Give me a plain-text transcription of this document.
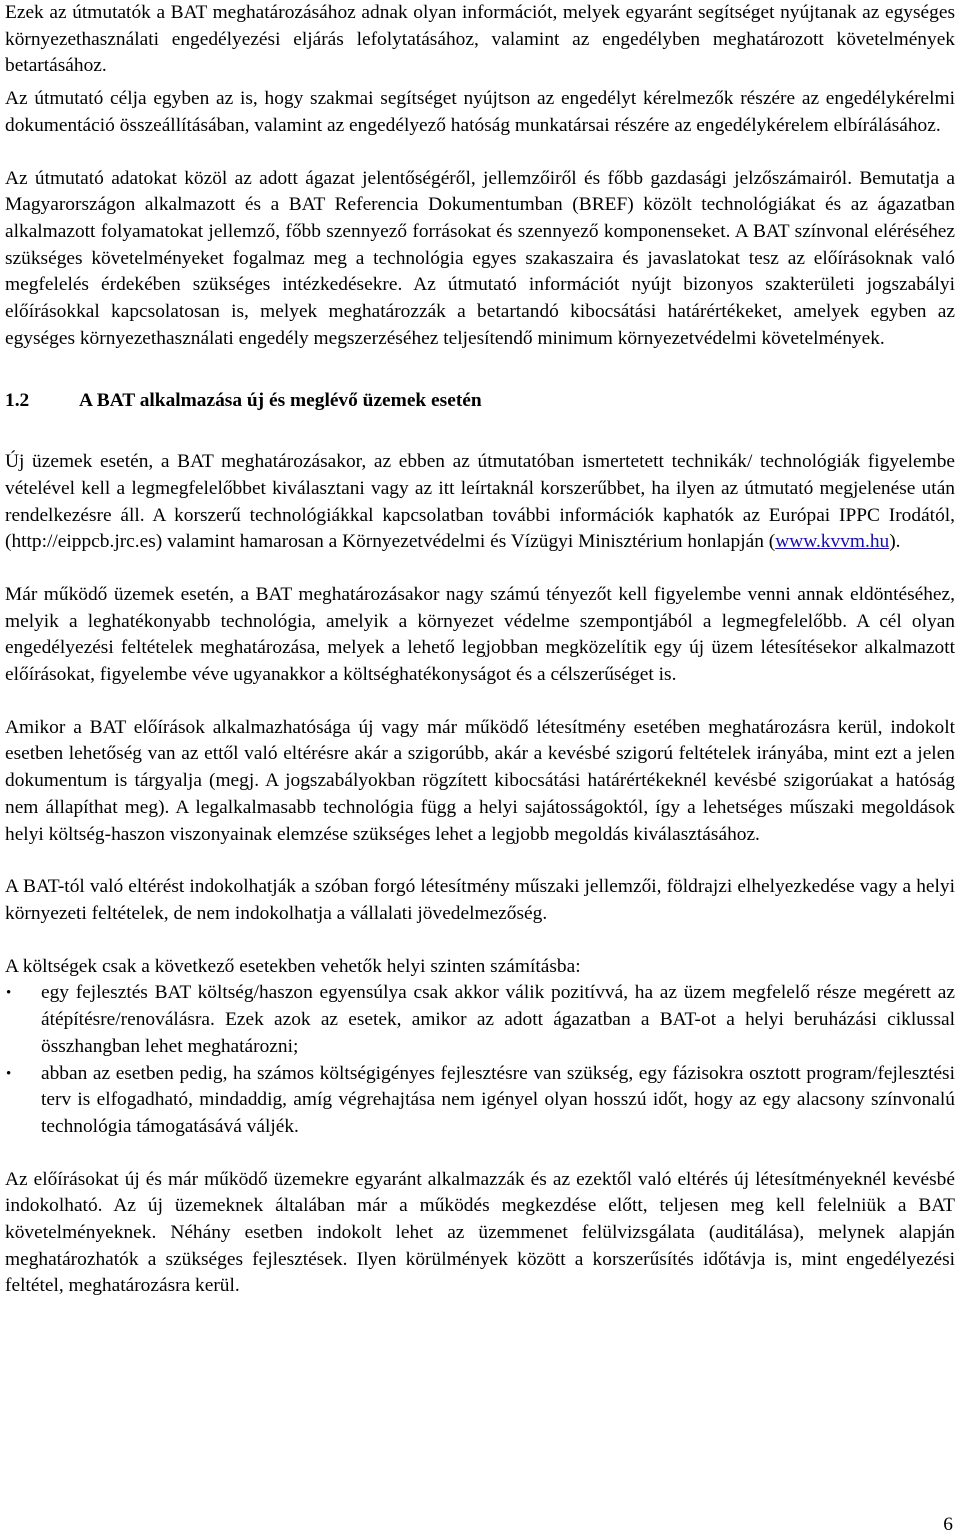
Ezek az útmutatók a BAT meghatározásához adnak olyan információt, melyek egyaránt segítséget nyújtanak az egységes környezethasználati engedélyezési eljárás lefolytatásához, valamint az engedélyben meghatározott követelmények betartásához.

Az útmutató célja egyben az is, hogy szakmai segítséget nyújtson az engedélyt kérelmezők részére az engedélykérelmi dokumentáció összeállításában, valamint az engedélyező hatóság munkatársai részére az engedélykérelem elbírálásához.

Az útmutató adatokat közöl az adott ágazat jelentőségéről, jellemzőiről és főbb gazdasági jelzőszámairól. Bemutatja a Magyarországon alkalmazott és a BAT Referencia Dokumentumban (BREF) közölt technológiákat és az ágazatban alkalmazott folyamatokat jellemző, főbb szennyező forrásokat és szennyező komponenseket. A BAT színvonal eléréséhez szükséges követelményeket fogalmaz meg a technológia egyes szakaszaira és javaslatokat tesz az előírásoknak való megfelelés érdekében szükséges intézkedésekre. Az útmutató információt nyújt bizonyos szakterületi jogszabályi előírásokkal kapcsolatosan is, melyek meghatározzák a betartandó kibocsátási határértékeket, amelyek egyben az egységes környezethasználati engedély megszerzéséhez teljesítendő minimum környezetvédelmi követelmények.

1.2	A BAT alkalmazása új és meglévő üzemek esetén

Új üzemek esetén, a BAT meghatározásakor, az ebben az útmutatóban ismertetett technikák/ technológiák figyelembe vételével kell a legmegfelelőbbet kiválasztani vagy az itt leírtaknál korszerűbbet, ha ilyen az útmutató megjelenése után rendelkezésre áll. A korszerű technológiákkal kapcsolatban további információk kaphatók az Európai IPPC Irodától, (http://eippcb.jrc.es) valamint hamarosan a Környezetvédelmi és Vízügyi Minisztérium honlapján (www.kvvm.hu).

Már működő üzemek esetén, a BAT meghatározásakor nagy számú tényezőt kell figyelembe venni annak eldöntéséhez, melyik a leghatékonyabb technológia, amelyik a környezet védelme szempontjából a legmegfelelőbb. A cél olyan engedélyezési feltételek meghatározása, melyek a lehető legjobban megközelítik egy új üzem létesítésekor alkalmazott előírásokat, figyelembe véve ugyanakkor a költséghatékonyságot és a célszerűséget is.

Amikor a BAT előírások alkalmazhatósága új vagy már működő létesítmény esetében meghatározásra kerül, indokolt esetben lehetőség van az ettől való eltérésre akár a szigorúbb, akár a kevésbé szigorú feltételek irányába, mint ezt a jelen dokumentum is tárgyalja (megj. A jogszabályokban rögzített kibocsátási határértékeknél kevésbé szigorúakat a hatóság nem állapíthat meg). A legalkalmasabb technológia függ a helyi sajátosságoktól, így a lehetséges műszaki megoldások helyi költség-haszon viszonyainak elemzése szükséges lehet a legjobb megoldás kiválasztásához.

A BAT-tól való eltérést indokolhatják a szóban forgó létesítmény műszaki jellemzői, földrajzi elhelyezkedése vagy a helyi környezeti feltételek, de nem indokolhatja a vállalati jövedelmezőség.

A költségek csak a következő esetekben vehetők helyi szinten számításba:

• egy fejlesztés BAT költség/haszon egyensúlya csak akkor válik pozitívvá, ha az üzem megfelelő része megérett az átépítésre/renoválásra. Ezek azok az esetek, amikor az adott ágazatban a BAT-ot a helyi beruházási ciklussal összhangban lehet meghatározni;
• abban az esetben pedig, ha számos költségigényes fejlesztésre van szükség, egy fázisokra osztott program/fejlesztési terv is elfogadható, mindaddig, amíg végrehajtása nem igényel olyan hosszú időt, hogy az egy alacsony színvonalú technológia támogatásává váljék.

Az előírásokat új és már működő üzemekre egyaránt alkalmazzák és az ezektől való eltérés új létesítményeknél kevésbé indokolható. Az új üzemeknek általában már a működés megkezdése előtt, teljesen meg kell felelniük a BAT követelményeknek. Néhány esetben indokolt lehet az üzemmenet felülvizsgálata (auditálása), melynek alapján meghatározhatók a szükséges fejlesztések. Ilyen körülmények között a korszerűsítés időtávja is, mint engedélyezési feltétel, meghatározásra kerül.

6
